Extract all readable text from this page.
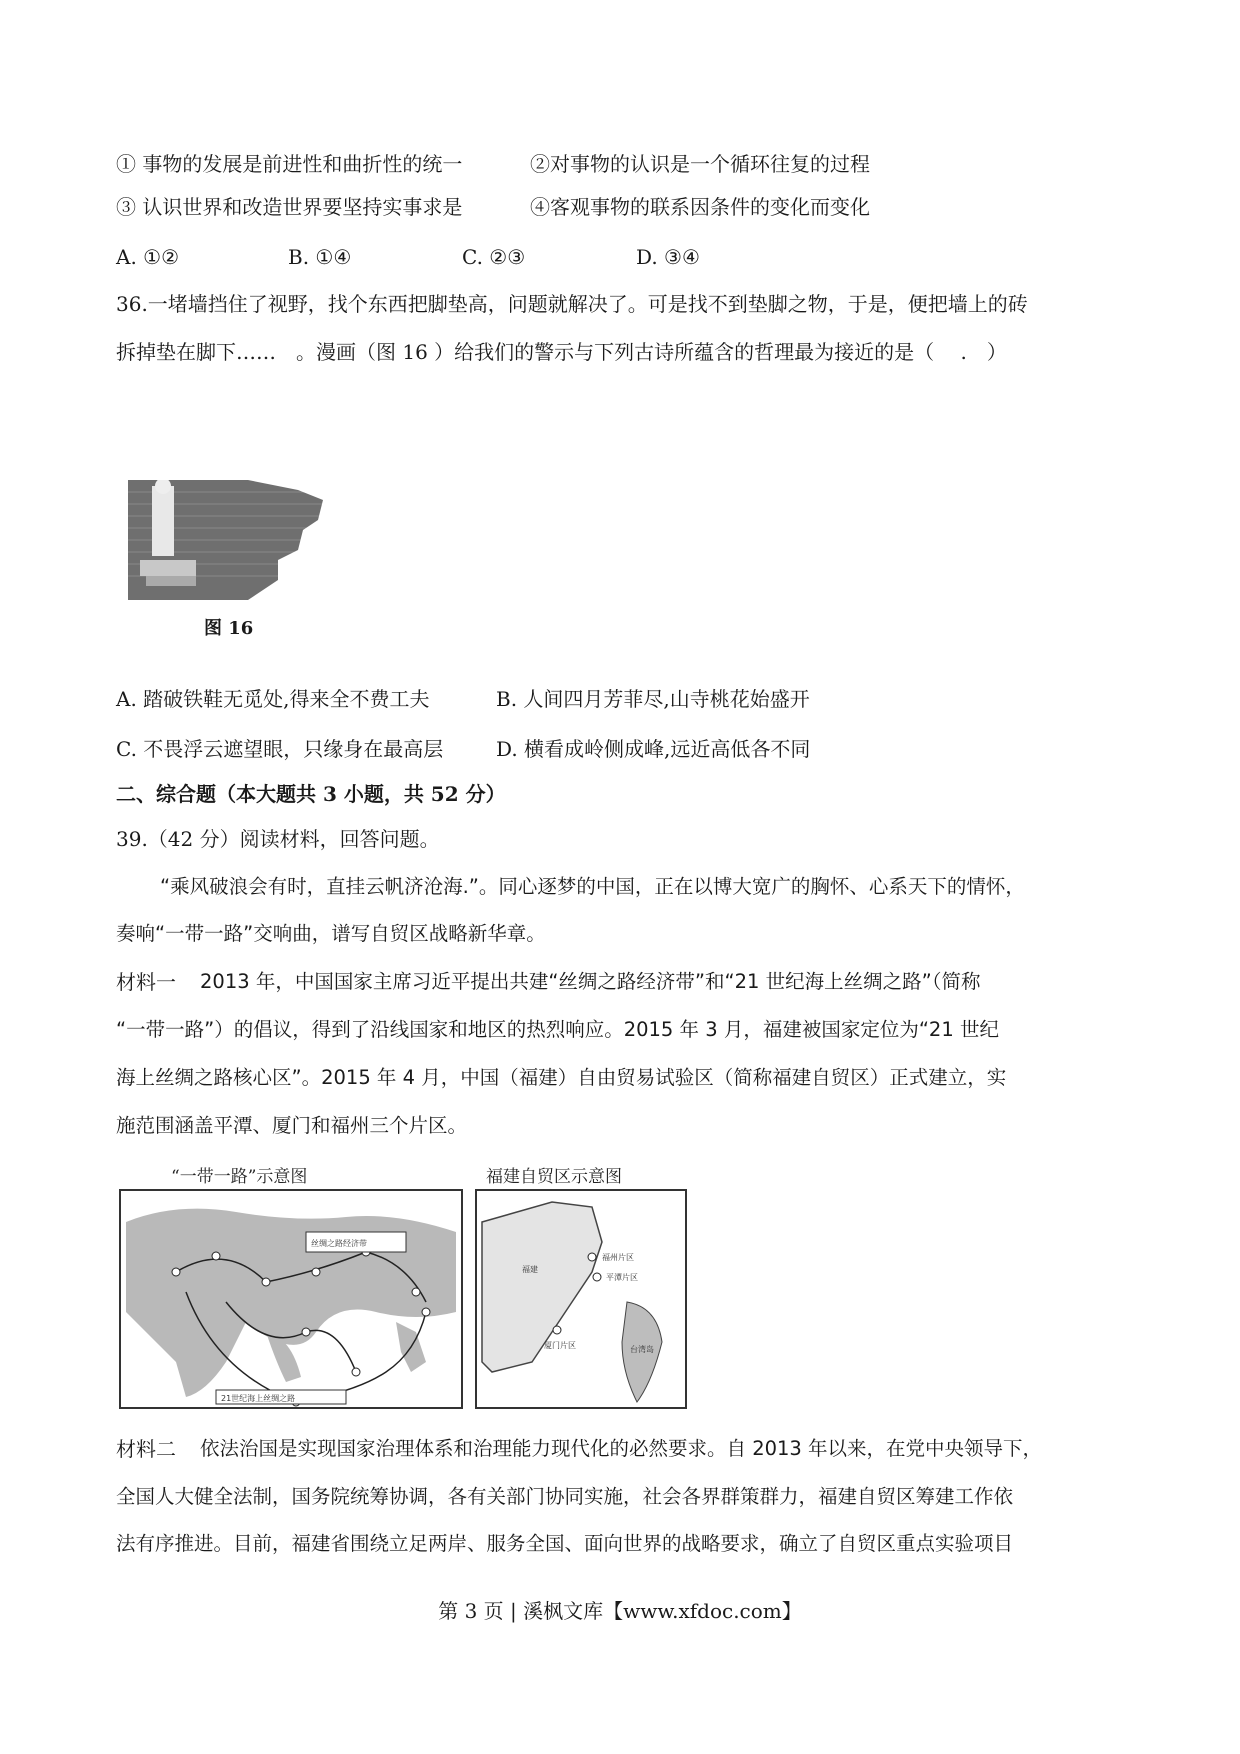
① 事物的发展是前进性和曲折性的统一	②对事物的认识是一个循环往复的过程
③ 认识世界和改造世界要坚持实事求是	④客观事物的联系因条件的变化而变化
A. ①②	B. ①④	C. ②③	D. ③④
36.一堵墙挡住了视野，找个东西把脚垫高，问题就解决了。可是找不到垫脚之物，于是，便把墙上的砖
拆掉垫在脚下……　。漫画（图 16 ）给我们的警示与下列古诗所蕴含的哲理最为接近的是（　 .　）
图 16
A. 踏破铁鞋无觅处,得来全不费工夫	B. 人间四月芳菲尽,山寺桃花始盛开
C. 不畏浮云遮望眼，只缘身在最高层	D. 横看成岭侧成峰,远近高低各不同
二、综合题（本大题共 3 小题，共 52 分）
39.（42 分）阅读材料，回答问题。
“乘风破浪会有时，直挂云帆济沧海.”。同心逐梦的中国，正在以博大宽广的胸怀、心系天下的情怀，
奏响“一带一路”交响曲，谱写自贸区战略新华章。
材料一 2013 年，中国国家主席习近平提出共建“丝绸之路经济带”和“21 世纪海上丝绸之路”（简称
“一带一路”）的倡议，得到了沿线国家和地区的热烈响应。2015 年 3 月，福建被国家定位为“21 世纪
海上丝绸之路核心区”。2015 年 4 月，中国（福建）自由贸易试验区（简称福建自贸区）正式建立，实
施范围涵盖平潭、厦门和福州三个片区。
丝绸之路经济带
21世纪海上丝绸之路
“一带一路”示意图
福州片区
平潭片区
厦门片区
福建
台湾岛
福建自贸区示意图
材料二 依法治国是实现国家治理体系和治理能力现代化的必然要求。自 2013 年以来，在党中央领导下，
全国人大健全法制，国务院统筹协调，各有关部门协同实施，社会各界群策群力，福建自贸区筹建工作依
法有序推进。目前，福建省围绕立足两岸、服务全国、面向世界的战略要求，确立了自贸区重点实验项目
第 3 页 | 溪枫文库【www.xfdoc.com】
